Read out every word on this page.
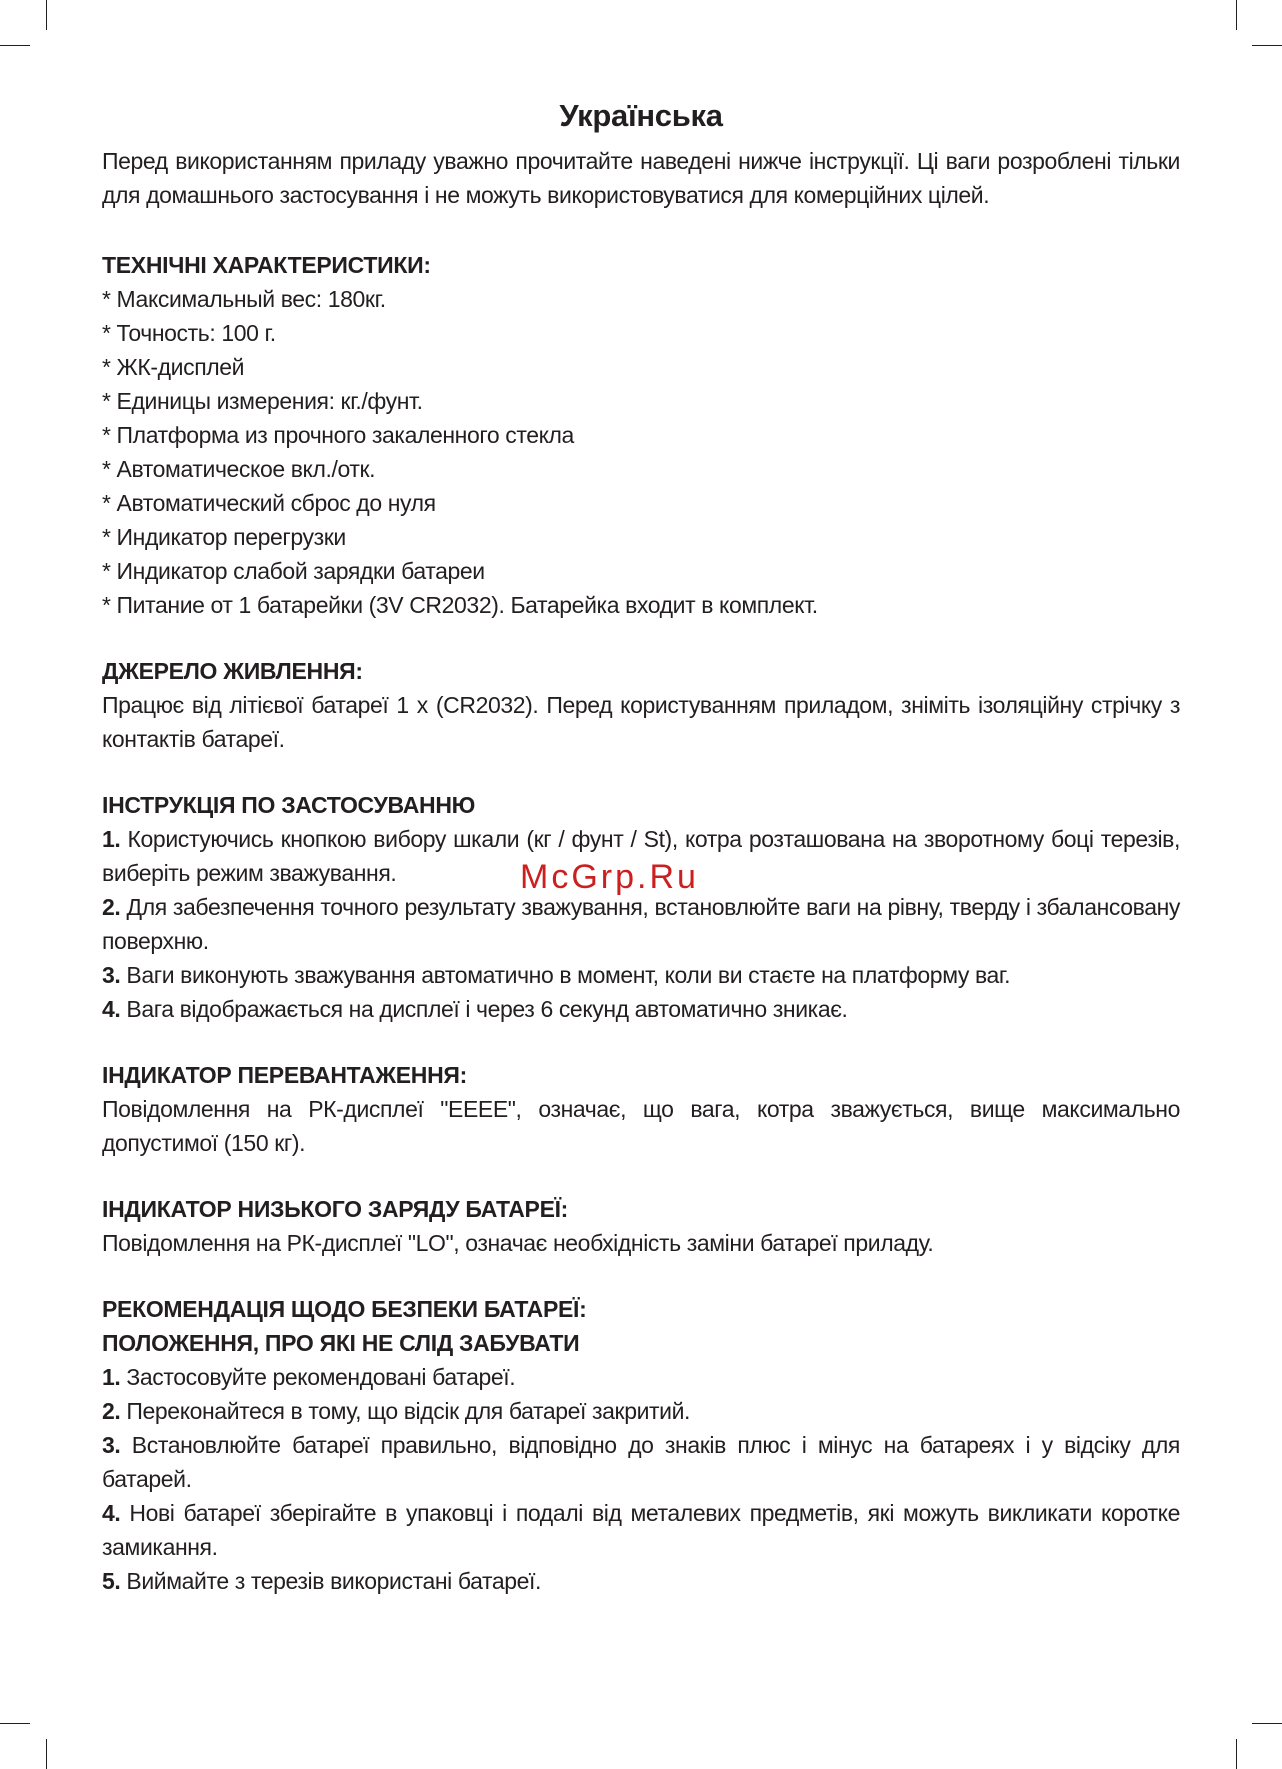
Українська

Перед використанням приладу уважно прочитайте наведені нижче інструкції. Ці ваги розроблені тільки для домашнього застосування і не можуть використовуватися для комерційних цілей.

ТЕХНІЧНІ ХАРАКТЕРИСТИКИ:
* Максимальный вес: 180кг.
* Точность: 100 г.
* ЖК-дисплей
* Единицы измерения: кг./фунт.
* Платформа из прочного закаленного стекла
* Автоматическое вкл./отк.
* Автоматический сброс до нуля
* Индикатор перегрузки
* Индикатор слабой зарядки батареи
* Питание от 1 батарейки (3V CR2032). Батарейка входит в комплект.
ДЖЕРЕЛО ЖИВЛЕННЯ:

Працює від літієвої батареї 1 x (CR2032). Перед користуванням приладом, зніміть ізоляційну стрічку з контактів батареї.

ІНСТРУКЦІЯ ПО ЗАСТОСУВАННЮ
1. Користуючись кнопкою вибору шкали (кг / фунт / St), котра розташована на зворотному боці терезів, виберіть режим зважування.
2. Для забезпечення точного результату зважування, встановлюйте ваги на рівну, тверду і збалансовану поверхню.
3. Ваги виконують зважування автоматично в момент, коли ви стаєте на платформу ваг.
4. Вага відображається на дисплеї і через 6 секунд автоматично зникає.
ІНДИКАТОР ПЕРЕВАНТАЖЕННЯ:

Повідомлення на РК-дисплеї "EEEE", означає, що вага, котра зважується, вище максимально допустимої (150 кг).

ІНДИКАТОР НИЗЬКОГО ЗАРЯДУ БАТАРЕЇ:

Повідомлення на РК-дисплеї "LO", означає необхідність заміни батареї приладу.

РЕКОМЕНДАЦІЯ ЩОДО БЕЗПЕКИ БАТАРЕЇ:
ПОЛОЖЕННЯ, ПРО ЯКІ НЕ СЛІД ЗАБУВАТИ
1. Застосовуйте рекомендовані батареї.
2. Переконайтеся в тому, що відсік для батареї закритий.
3. Встановлюйте батареї правильно, відповідно до знаків плюс і мінус на батареях і у відсіку для батарей.
4. Нові батареї зберігайте в упаковці і подалі від металевих предметів, які можуть викликати коротке замикання.
5. Виймайте з терезів використані батареї.
McGrp.Ru
